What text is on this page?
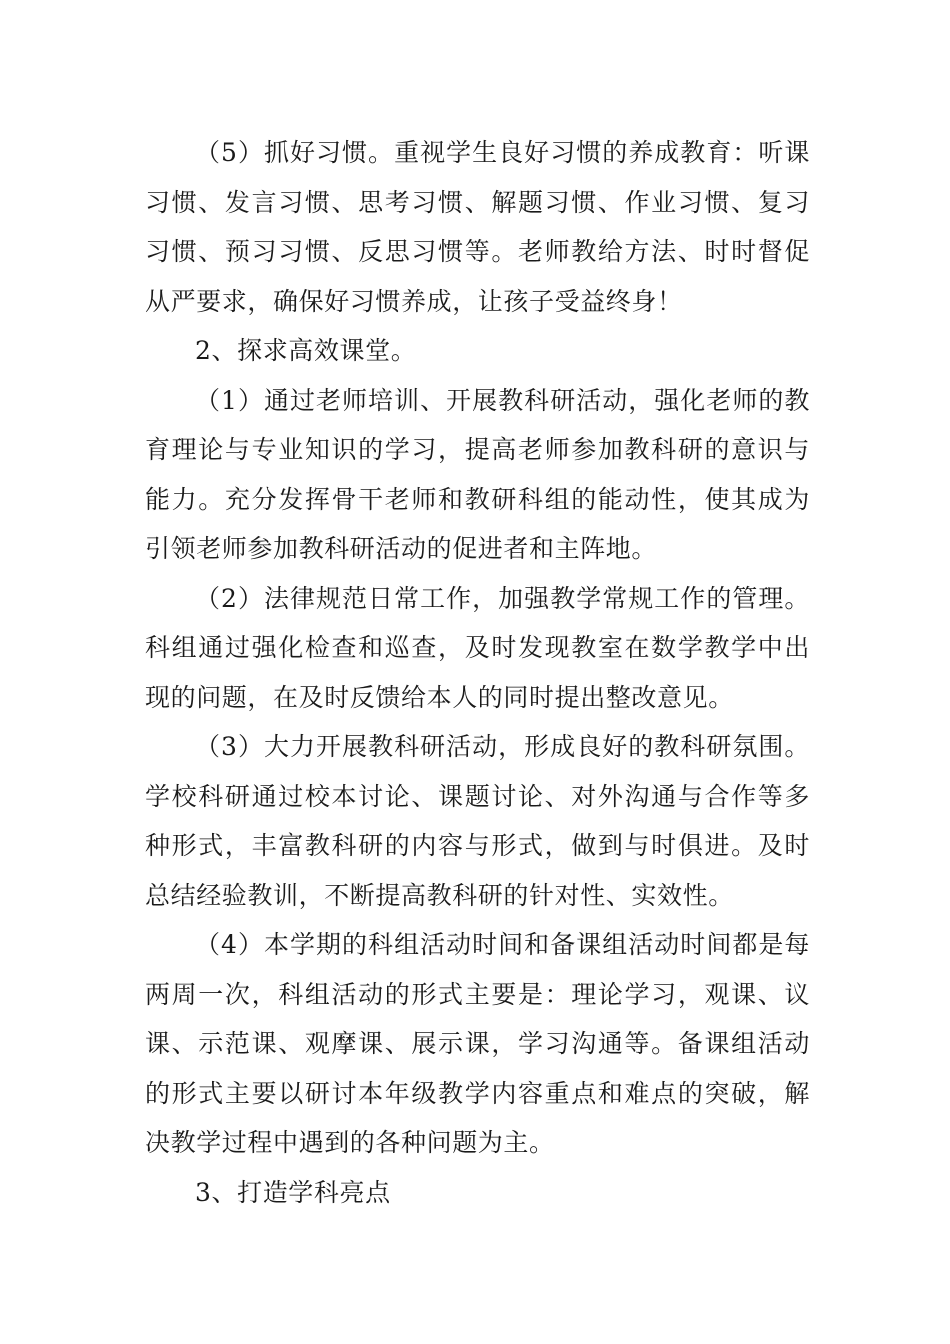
（5）抓好习惯。重视学生良好习惯的养成教育：听课习惯、发言习惯、思考习惯、解题习惯、作业习惯、复习习惯、预习习惯、反思习惯等。老师教给方法、时时督促从严要求，确保好习惯养成，让孩子受益终身！

2、探求高效课堂。

（1）通过老师培训、开展教科研活动，强化老师的教育理论与专业知识的学习，提高老师参加教科研的意识与能力。充分发挥骨干老师和教研科组的能动性，使其成为引领老师参加教科研活动的促进者和主阵地。

（2）法律规范日常工作，加强教学常规工作的管理。科组通过强化检查和巡查，及时发现教室在数学教学中出现的问题，在及时反馈给本人的同时提出整改意见。

（3）大力开展教科研活动，形成良好的教科研氛围。学校科研通过校本讨论、课题讨论、对外沟通与合作等多种形式，丰富教科研的内容与形式，做到与时俱进。及时总结经验教训，不断提高教科研的针对性、实效性。

（4）本学期的科组活动时间和备课组活动时间都是每两周一次，科组活动的形式主要是：理论学习，观课、议课、示范课、观摩课、展示课，学习沟通等。备课组活动的形式主要以研讨本年级教学内容重点和难点的突破，解决教学过程中遇到的各种问题为主。

3、打造学科亮点
